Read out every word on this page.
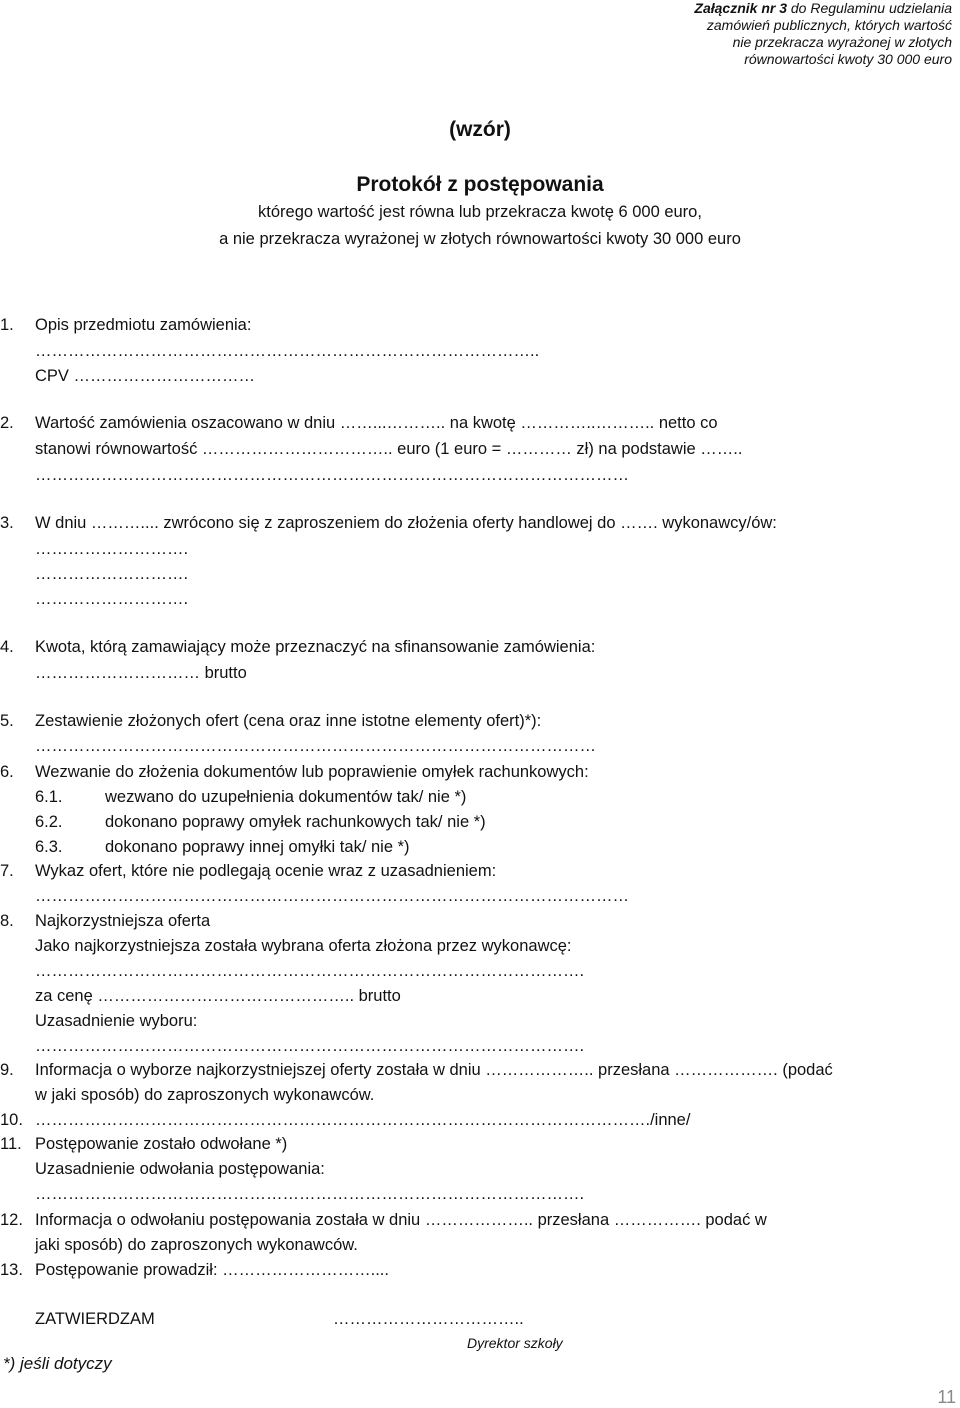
Załącznik nr 3 do Regulaminu udzielania
zamówień publicznych, których wartość
nie przekracza wyrażonej w złotych
równowartości kwoty 30 000 euro
(wzór)
Protokół z postępowania
którego wartość jest równa lub przekracza kwotę 6 000 euro,
a nie przekracza wyrażonej w złotych równowartości kwoty 30 000 euro
1. Opis przedmiotu zamówienia:
………………………………………………………………………………..
CPV ……………………………
2. Wartość zamówienia oszacowano w dniu ……...……….. na kwotę …………..……….. netto co
stanowi równowartość …………………………….. euro (1 euro = ………… zł) na podstawie ……..
………………………………………………………………………………………………
3. W dniu ……….... zwrócono się z zaproszeniem do złożenia oferty handlowej do ……. wykonawcy/ów:
……………………….
……………………….
……………………….
4. Kwota, którą zamawiający może przeznaczyć na sfinansowanie zamówienia:
………………………… brutto
5. Zestawienie złożonych ofert (cena oraz inne istotne elementy ofert)*):
…………………………………………………………………………………………
6. Wezwanie do złożenia dokumentów lub poprawienie omyłek rachunkowych:
6.1.	wezwano do uzupełnienia dokumentów tak/ nie *)
6.2.	dokonano poprawy omyłek rachunkowych tak/ nie *)
6.3.	dokonano poprawy innej omyłki tak/ nie *)
7. Wykaz ofert, które nie podlegają ocenie wraz z uzasadnieniem:
………………………………………………………………………………………………
8. Najkorzystniejsza oferta
Jako najkorzystniejsza została wybrana oferta złożona przez wykonawcę:
……………………………………………………………………………………….
za cenę ……………………………………….. brutto
Uzasadnienie wyboru:
……………………………………………………………………………………….
9. Informacja o wyborze najkorzystniejszej oferty została w dniu ……………….. przesłana ………………. (podać
w jaki sposób) do zaproszonych wykonawców.
10. …………………………………………………………………………………………………./inne/
11. Postępowanie zostało odwołane *)
Uzasadnienie odwołania postępowania:
……………………………………………………………………………………….
12. Informacja o odwołaniu postępowania została w dniu ……………….. przesłana ……………. podać w
jaki sposób) do zaproszonych wykonawców.
13. Postępowanie prowadził: ………………………....
ZATWIERDZAM	……………………………..
Dyrektor szkoły
*) jeśli dotyczy
11
